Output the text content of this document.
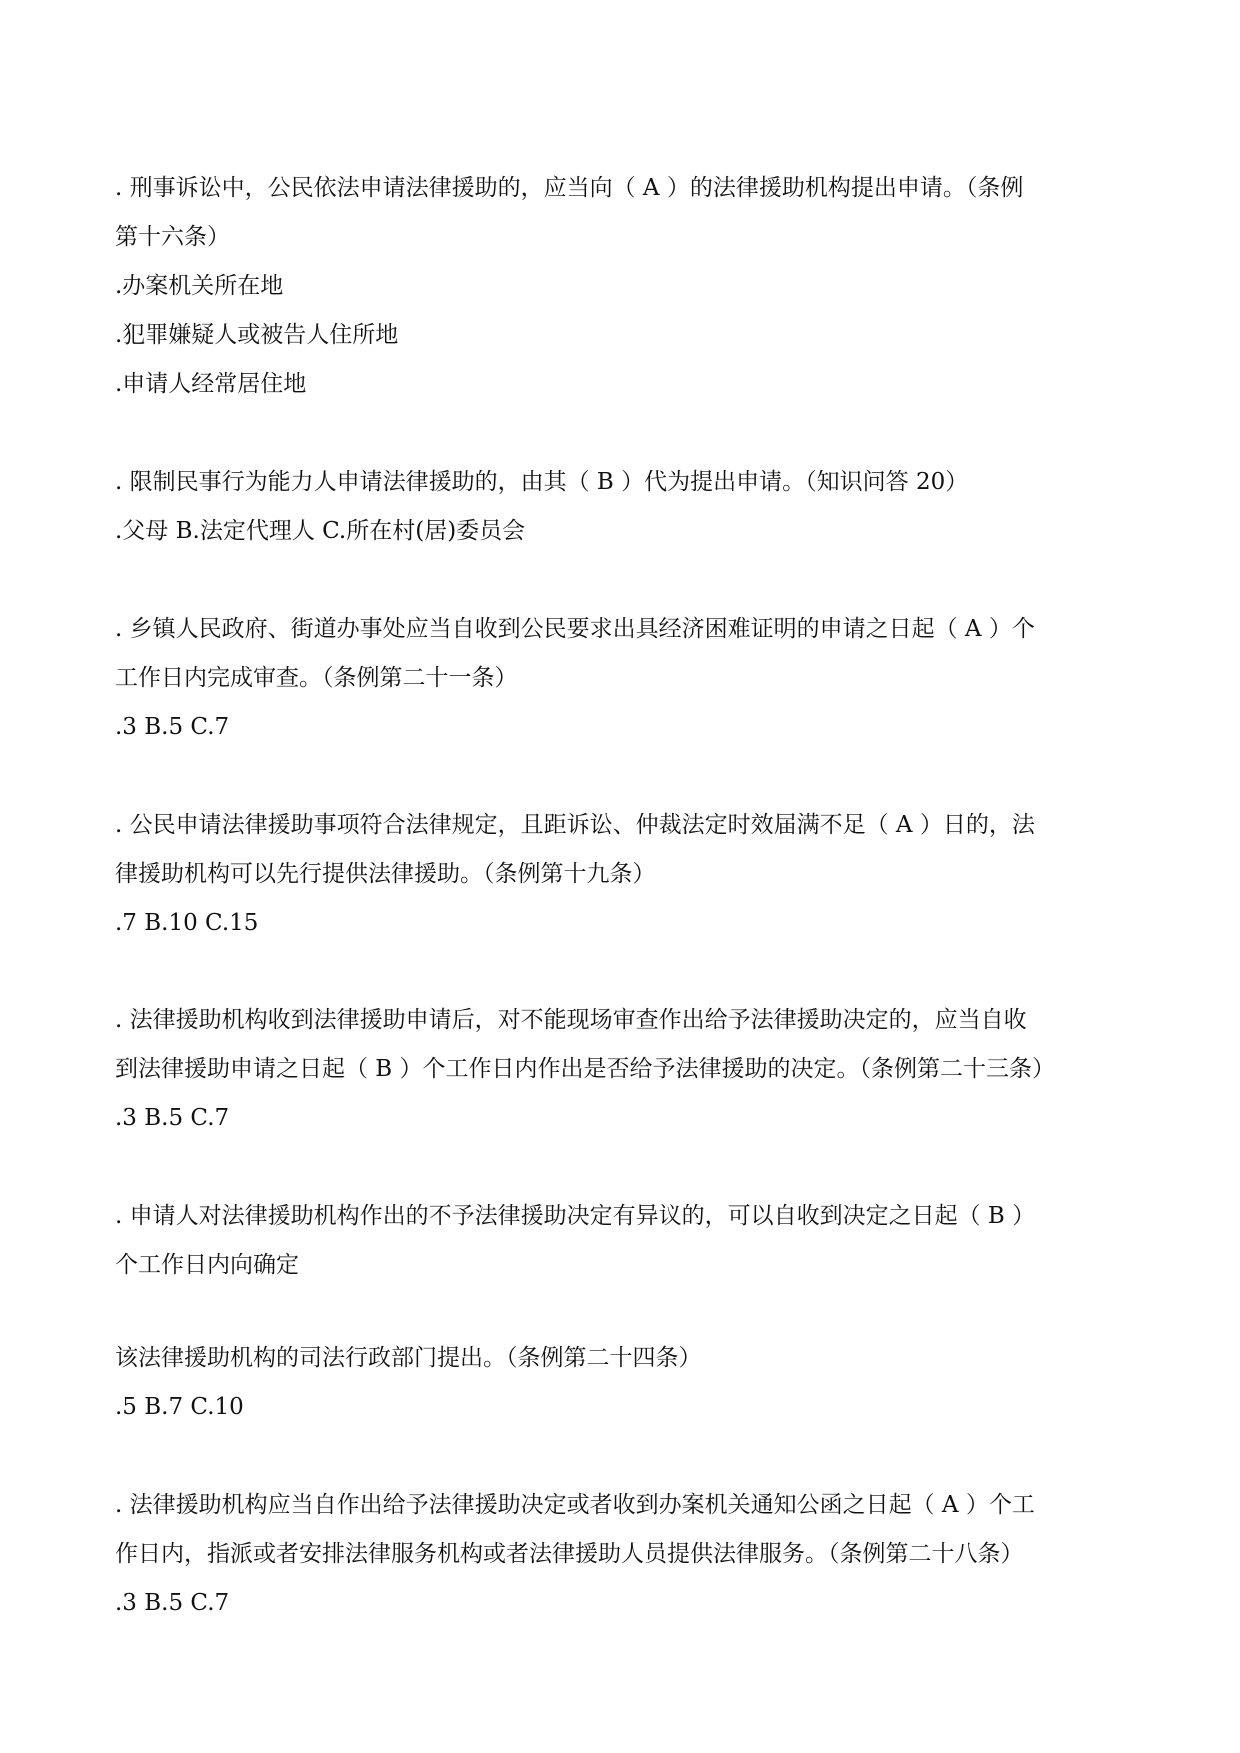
. 刑事诉讼中，公民依法申请法律援助的，应当向（ A ）的法律援助机构提出申请。（条例
第十六条）
.办案机关所在地
.犯罪嫌疑人或被告人住所地
.申请人经常居住地
. 限制民事行为能力人申请法律援助的，由其（ B ）代为提出申请。（知识问答 20）
.父母 B.法定代理人 C.所在村(居)委员会
. 乡镇人民政府、街道办事处应当自收到公民要求出具经济困难证明的申请之日起（ A ）个
工作日内完成审查。（条例第二十一条）
.3 B.5 C.7
. 公民申请法律援助事项符合法律规定，且距诉讼、仲裁法定时效届满不足（ A ）日的，法
律援助机构可以先行提供法律援助。（条例第十九条）
.7 B.10 C.15
. 法律援助机构收到法律援助申请后，对不能现场审查作出给予法律援助决定的，应当自收
到法律援助申请之日起（ B ）个工作日内作出是否给予法律援助的决定。（条例第二十三条）
.3 B.5 C.7
. 申请人对法律援助机构作出的不予法律援助决定有异议的，可以自收到决定之日起（ B ）
个工作日内向确定
该法律援助机构的司法行政部门提出。（条例第二十四条）
.5 B.7 C.10
. 法律援助机构应当自作出给予法律援助决定或者收到办案机关通知公函之日起（ A ）个工
作日内，指派或者安排法律服务机构或者法律援助人员提供法律服务。（条例第二十八条）
.3 B.5 C.7
